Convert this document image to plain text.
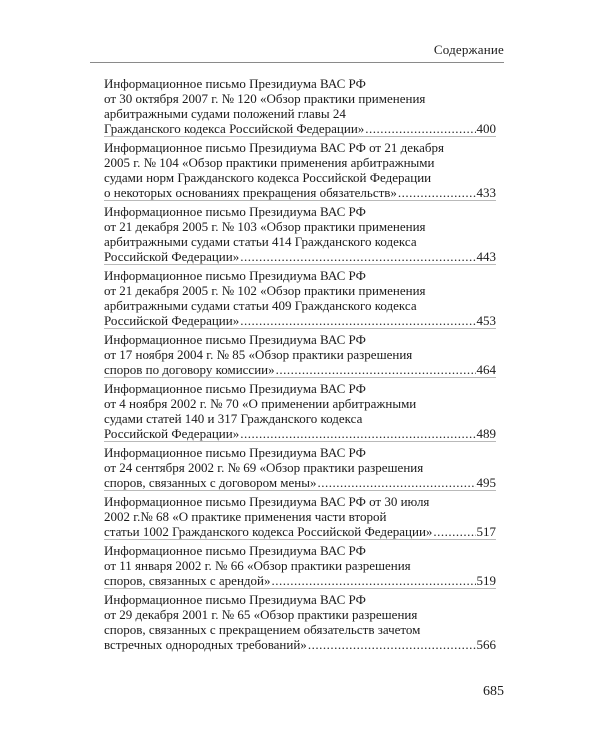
Содержание
Информационное письмо Президиума ВАС РФ
от 30 октября 2007 г. № 120 «Обзор практики применения
арбитражными судами положений главы 24
Гражданского кодекса Российской Федерации» .....	400
Информационное письмо Президиума ВАС РФ от 21 декабря
2005 г. № 104 «Обзор практики применения арбитражными
судами норм Гражданского кодекса Российской Федерации
о некоторых основаниях прекращения обязательств» .....	433
Информационное письмо Президиума ВАС РФ
от 21 декабря 2005 г. № 103 «Обзор практики применения
арбитражными судами статьи 414 Гражданского кодекса
Российской Федерации» .....	443
Информационное письмо Президиума ВАС РФ
от 21 декабря 2005 г. № 102 «Обзор практики применения
арбитражными судами статьи 409 Гражданского кодекса
Российской Федерации» .....	453
Информационное письмо Президиума ВАС РФ
от 17 ноября 2004 г. № 85 «Обзор практики разрешения
споров по договору комиссии» .....	464
Информационное письмо Президиума ВАС РФ
от 4 ноября 2002 г. № 70 «О применении арбитражными
судами статей 140 и 317 Гражданского кодекса
Российской Федерации» .....	489
Информационное письмо Президиума ВАС РФ
от 24 сентября 2002 г. № 69 «Обзор практики разрешения
споров, связанных с договором мены» .....	495
Информационное письмо Президиума ВАС РФ от 30 июля
2002 г.№ 68 «О практике применения части второй
статьи 1002 Гражданского кодекса Российской Федерации» .....	517
Информационное письмо Президиума ВАС РФ
от 11 января 2002 г. № 66 «Обзор практики разрешения
споров, связанных с арендой» .....	519
Информационное письмо Президиума ВАС РФ
от 29 декабря 2001 г. № 65 «Обзор практики разрешения
споров, связанных с прекращением обязательств зачетом
встречных однородных требований» .....	566
685
